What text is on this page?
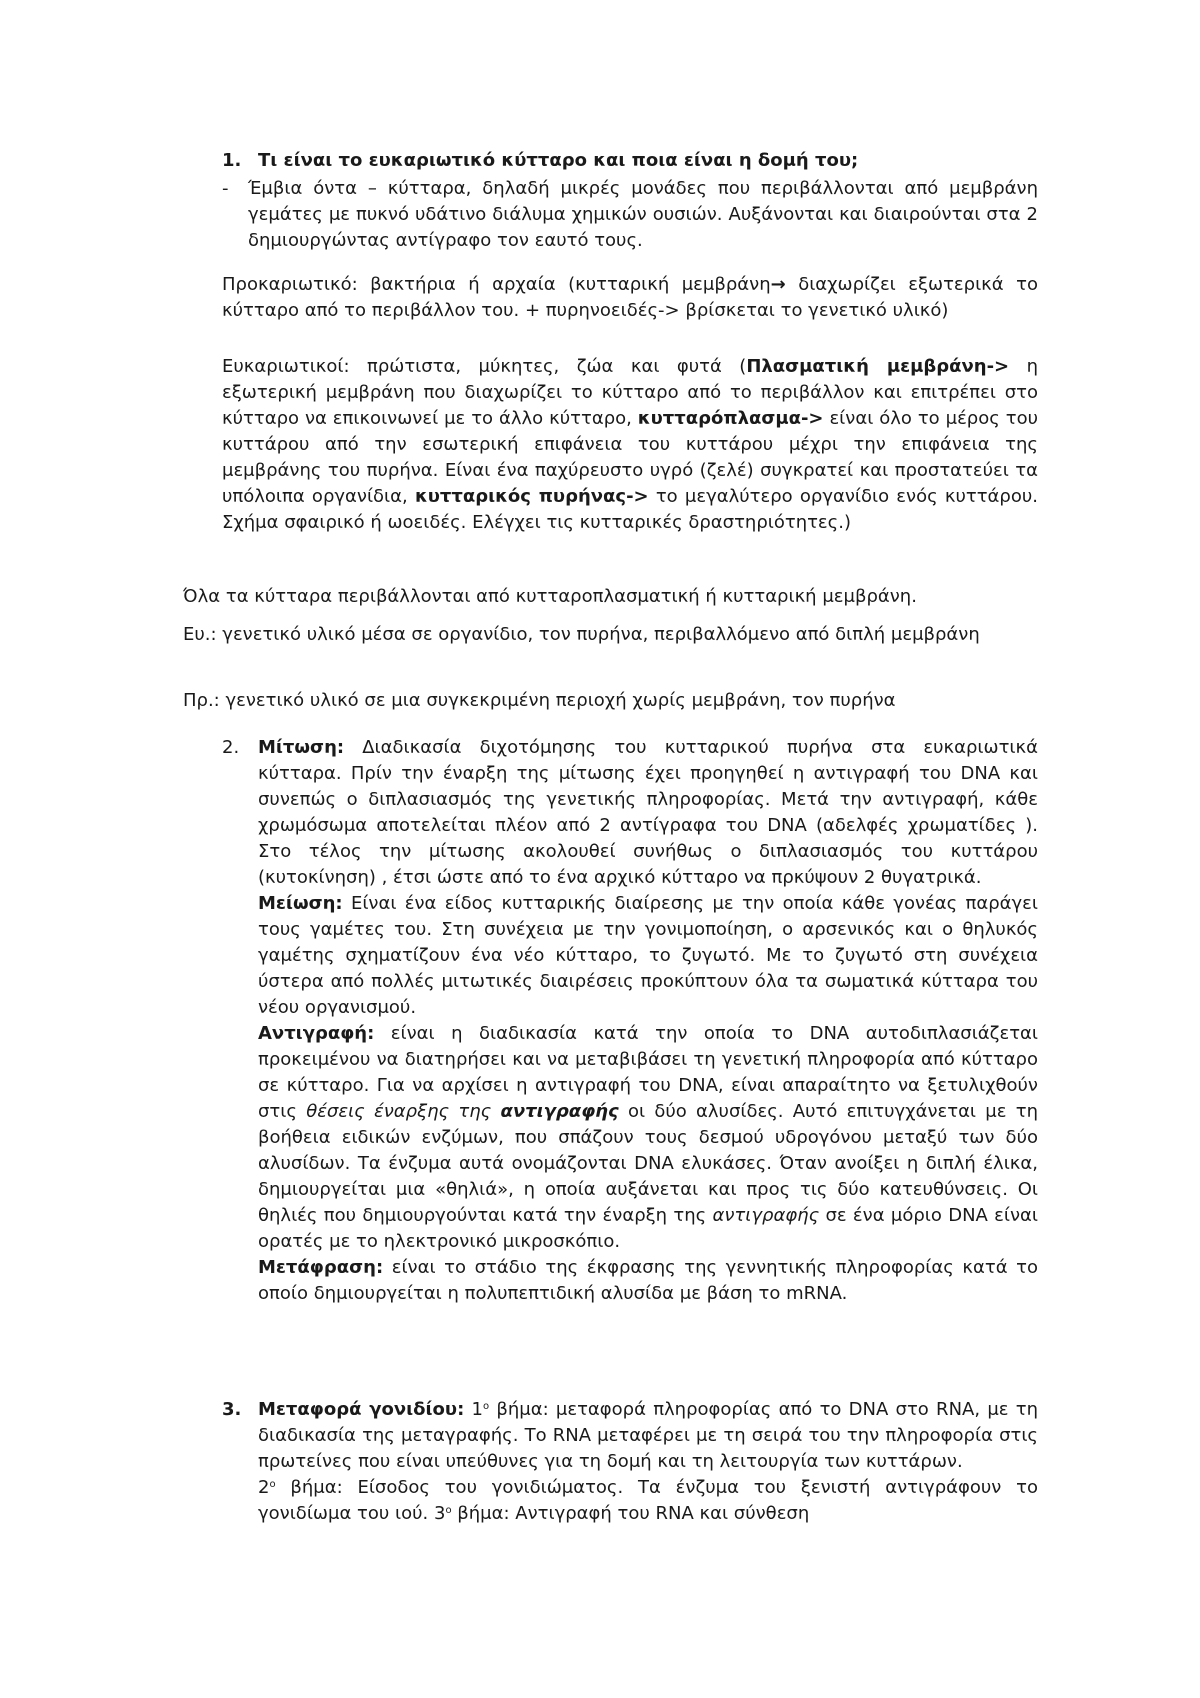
1. Τι είναι το ευκαριωτικό κύτταρο και ποια είναι η δομή του;
- Έμβια όντα – κύτταρα, δηλαδή μικρές μονάδες που περιβάλλονται από μεμβράνη γεμάτες με πυκνό υδάτινο διάλυμα χημικών ουσιών. Αυξάνονται και διαιρούνται στα 2 δημιουργώντας αντίγραφο τον εαυτό τους.

Προκαριωτικό: βακτήρια ή αρχαία (κυτταρική μεμβράνη→ διαχωρίζει εξωτερικά το κύτταρο από το περιβάλλον του. + πυρηνοειδές-> βρίσκεται το γενετικό υλικό)

Ευκαριωτικοί: πρώτιστα, μύκητες, ζώα και φυτά (Πλασματική μεμβράνη-> η εξωτερική μεμβράνη που διαχωρίζει το κύτταρο από το περιβάλλον και επιτρέπει στο κύτταρο να επικοινωνεί με το άλλο κύτταρο, κυτταρόπλασμα-> είναι όλο το μέρος του κυττάρου από την εσωτερική επιφάνεια του κυττάρου μέχρι την επιφάνεια της μεμβράνης του πυρήνα. Είναι ένα παχύρευστο υγρό (ζελέ) συγκρατεί και προστατεύει τα υπόλοιπα οργανίδια, κυτταρικός πυρήνας-> το μεγαλύτερο οργανίδιο ενός κυττάρου. Σχήμα σφαιρικό ή ωοειδές. Ελέγχει τις κυτταρικές δραστηριότητες.)

Όλα τα κύτταρα περιβάλλονται από κυτταροπλασματική ή κυτταρική μεμβράνη.

Ευ.: γενετικό υλικό μέσα σε οργανίδιο, τον πυρήνα, περιβαλλόμενο από διπλή μεμβράνη

Πρ.: γενετικό υλικό σε μια συγκεκριμένη περιοχή χωρίς μεμβράνη, τον πυρήνα

2. Μίτωση: Διαδικασία διχοτόμησης του κυτταρικού πυρήνα στα ευκαριωτικά κύτταρα. Πρίν την έναρξη της μίτωσης έχει προηγηθεί η αντιγραφή του DNA και συνεπώς ο διπλασιασμός της γενετικής πληροφορίας. Μετά την αντιγραφή, κάθε χρωμόσωμα αποτελείται πλέον από 2 αντίγραφα του DNA (αδελφές χρωματίδες ). Στο τέλος την μίτωσης ακολουθεί συνήθως ο διπλασιασμός του κυττάρου (κυτοκίνηση) , έτσι ώστε από το ένα αρχικό κύτταρο να πρκύψουν 2 θυγατρικά.

Μείωση: Είναι ένα είδος κυτταρικής διαίρεσης με την οποία κάθε γονέας παράγει τους γαμέτες του. Στη συνέχεια με την γονιμοποίηση, ο αρσενικός και ο θηλυκός γαμέτης σχηματίζουν ένα νέο κύτταρο, το ζυγωτό. Με το ζυγωτό στη συνέχεια ύστερα από πολλές μιτωτικές διαιρέσεις προκύπτουν όλα τα σωματικά κύτταρα του νέου οργανισμού.

Αντιγραφή: είναι η διαδικασία κατά την οποία το DNA αυτοδιπλασιάζεται προκειμένου να διατηρήσει και να μεταβιβάσει τη γενετική πληροφορία από κύτταρο σε κύτταρο. Για να αρχίσει η αντιγραφή του DNA, είναι απαραίτητο να ξετυλιχθούν στις θέσεις έναρξης της αντιγραφής οι δύο αλυσίδες. Αυτό επιτυγχάνεται με τη βοήθεια ειδικών ενζύμων, που σπάζουν τους δεσμού υδρογόνου μεταξύ των δύο αλυσίδων. Τα ένζυμα αυτά ονομάζονται DNA ελυκάσες. Όταν ανοίξει η διπλή έλικα, δημιουργείται μια «θηλιά», η οποία αυξάνεται και προς τις δύο κατευθύνσεις. Οι θηλιές που δημιουργούνται κατά την έναρξη της αντιγραφής σε ένα μόριο DNA είναι ορατές με το ηλεκτρονικό μικροσκόπιο.

Μετάφραση: είναι το στάδιο της έκφρασης της γεννητικής πληροφορίας κατά το οποίο δημιουργείται η πολυπεπτιδική αλυσίδα με βάση το mRNA.

3. Μεταφορά γονιδίου: $1^o$ βήμα: μεταφορά πληροφορίας από το DNA στο RNA, με τη διαδικασία της μεταγραφής. Το RNA μεταφέρει με τη σειρά του την πληροφορία στις πρωτείνες που είναι υπεύθυνες για τη δομή και τη λειτουργία των κυττάρων.

$2^o$ βήμα: Είσοδος του γονιδιώματος. Τα ένζυμα του ξενιστή αντιγράφουν το γονιδίωμα του ιού. $3^o$ βήμα: Αντιγραφή του RNA και σύνθεση
